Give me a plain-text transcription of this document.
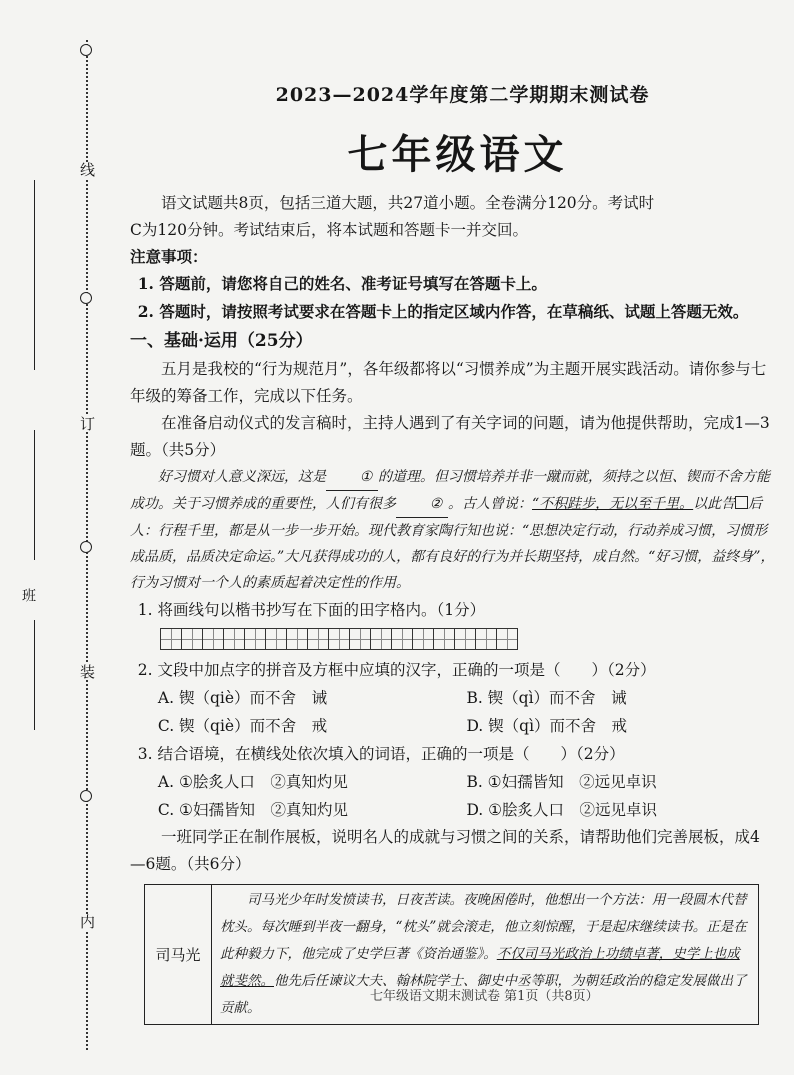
线
订
装
内
班
2023—2024学年度第二学期期末测试卷
七年级语文
语文试题共8页，包括三道大题，共27道小题。全卷满分120分。考试时
C为120分钟。考试结束后，将本试题和答题卡一并交回。
注意事项：
1. 答题前，请您将自己的姓名、准考证号填写在答题卡上。
2. 答题时，请按照考试要求在答题卡上的指定区域内作答，在草稿纸、试题上答题无效。
一、基础·运用（25分）
五月是我校的“行为规范月”，各年级都将以“习惯养成”为主题开展实践活动。请你参与七年级的筹备工作，完成以下任务。
在准备启动仪式的发言稿时，主持人遇到了有关字词的问题，请为他提供帮助，完成1—3题。（共5分）
好习惯对人意义深远，这是 ① 的道理。但习惯培养并非一蹴而就，须持之以恒、锲而不舍方能成功。关于习惯养成的重要性，人们有很多 ② 。古人曾说：“不积跬步，无以至千里。以此告 后人：行程千里，都是从一步一步开始。现代教育家陶行知也说：“思想决定行动，行动养成习惯，习惯形成品质，品质决定命运。”大凡获得成功的人，都有良好的行为并长期坚持，成自然。“好习惯，益终身”，行为习惯对一个人的素质起着决定性的作用。
1. 将画线句以楷书抄写在下面的田字格内。（1分）
2. 文段中加点字的拼音及方框中应填的汉字，正确的一项是（　　）（2分）
A. 锲（qiè）而不舍　诫	B. 锲（qì）而不舍　诫
C. 锲（qiè）而不舍　戒	D. 锲（qì）而不舍　戒
3. 结合语境，在横线处依次填入的词语，正确的一项是（　　）（2分）
A. ①脍炙人口　②真知灼见	B. ①妇孺皆知　②远见卓识
C. ①妇孺皆知　②真知灼见	D. ①脍炙人口　②远见卓识
一班同学正在制作展板，说明名人的成就与习惯之间的关系，请帮助他们完善展板，成4—6题。（共6分）
司马光	司马光少年时发愤读书，日夜苦读。夜晚困倦时，他想出一个方法：用一段圆木代替枕头。每次睡到半夜一翻身，“枕头”就会滚走，他立刻惊醒，于是起床继续读书。正是在此种毅力下，他完成了史学巨著《资治通鉴》。不仅司马光政治上功绩卓著，史学上也成就斐然。他先后任谏议大夫、翰林院学士、御史中丞等职，为朝廷政治的稳定发展做出了贡献。
七年级语文期末测试卷 第1页（共8页）
